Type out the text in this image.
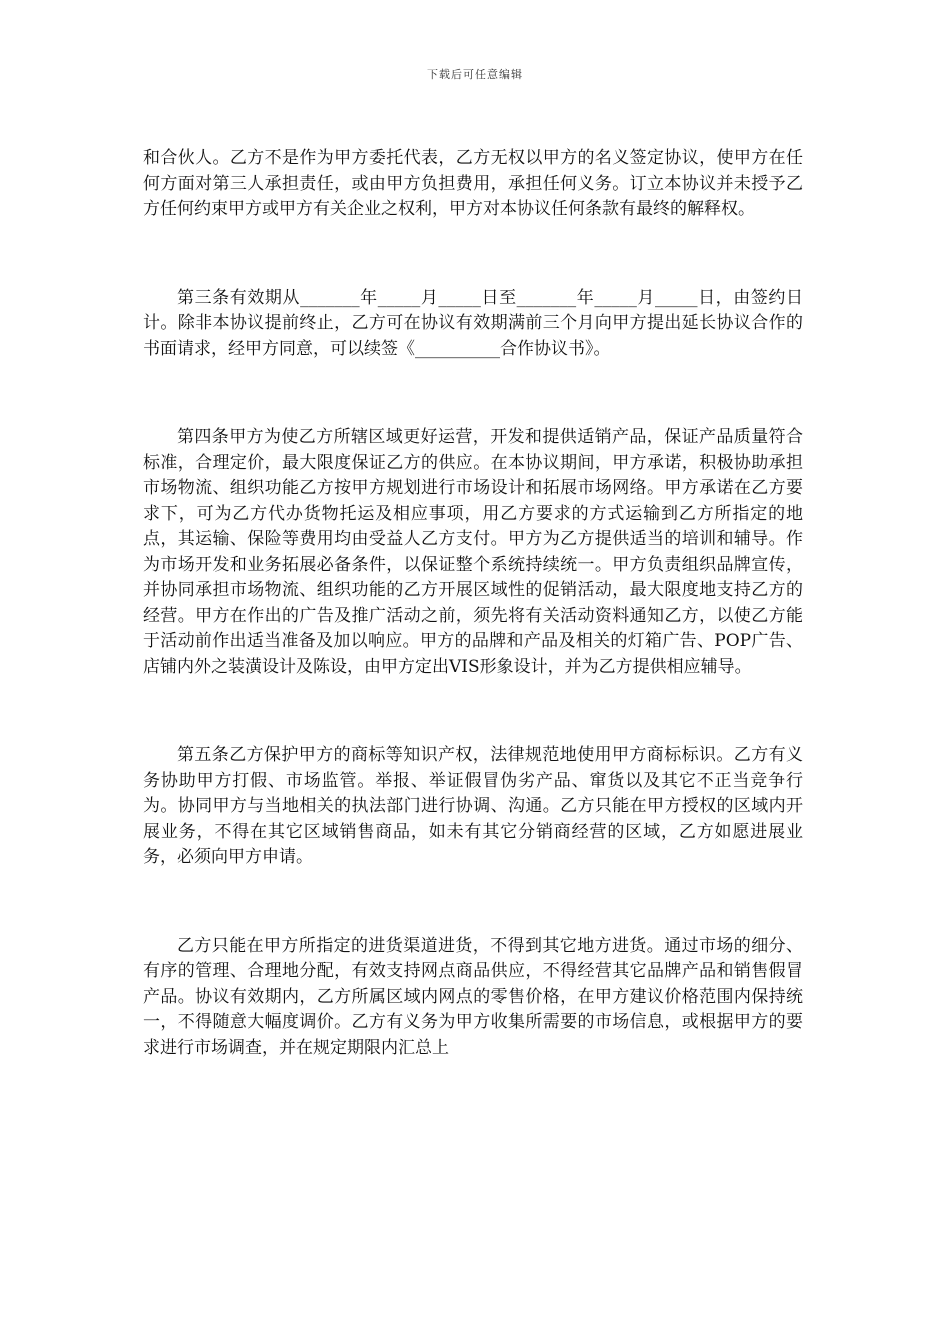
下载后可任意编辑

和合伙人。乙方不是作为甲方委托代表，乙方无权以甲方的名义签定协议，使甲方在任何方面对第三人承担责任，或由甲方负担费用，承担任何义务。订立本协议并未授予乙方任何约束甲方或甲方有关企业之权利，甲方对本协议任何条款有最终的解释权。

第三条有效期从_______年_____月_____日至_______年_____月_____日，由签约日计。除非本协议提前终止，乙方可在协议有效期满前三个月向甲方提出延长协议合作的书面请求，经甲方同意，可以续签《__________合作协议书》。

第四条甲方为使乙方所辖区域更好运营，开发和提供适销产品，保证产品质量符合标准，合理定价，最大限度保证乙方的供应。在本协议期间，甲方承诺，积极协助承担市场物流、组织功能乙方按甲方规划进行市场设计和拓展市场网络。甲方承诺在乙方要求下，可为乙方代办货物托运及相应事项，用乙方要求的方式运输到乙方所指定的地点，其运输、保险等费用均由受益人乙方支付。甲方为乙方提供适当的培训和辅导。作为市场开发和业务拓展必备条件，以保证整个系统持续统一。甲方负责组织品牌宣传，并协同承担市场物流、组织功能的乙方开展区域性的促销活动，最大限度地支持乙方的经营。甲方在作出的广告及推广活动之前，须先将有关活动资料通知乙方，以使乙方能于活动前作出适当准备及加以响应。甲方的品牌和产品及相关的灯箱广告、POP广告、店铺内外之装潢设计及陈设，由甲方定出VIS形象设计，并为乙方提供相应辅导。

第五条乙方保护甲方的商标等知识产权，法律规范地使用甲方商标标识。乙方有义务协助甲方打假、市场监管。举报、举证假冒伪劣产品、窜货以及其它不正当竞争行为。协同甲方与当地相关的执法部门进行协调、沟通。乙方只能在甲方授权的区域内开展业务，不得在其它区域销售商品，如未有其它分销商经营的区域，乙方如愿进展业务，必须向甲方申请。

乙方只能在甲方所指定的进货渠道进货，不得到其它地方进货。通过市场的细分、有序的管理、合理地分配，有效支持网点商品供应，不得经营其它品牌产品和销售假冒产品。协议有效期内，乙方所属区域内网点的零售价格，在甲方建议价格范围内保持统一，不得随意大幅度调价。乙方有义务为甲方收集所需要的市场信息，或根据甲方的要求进行市场调查，并在规定期限内汇总上
